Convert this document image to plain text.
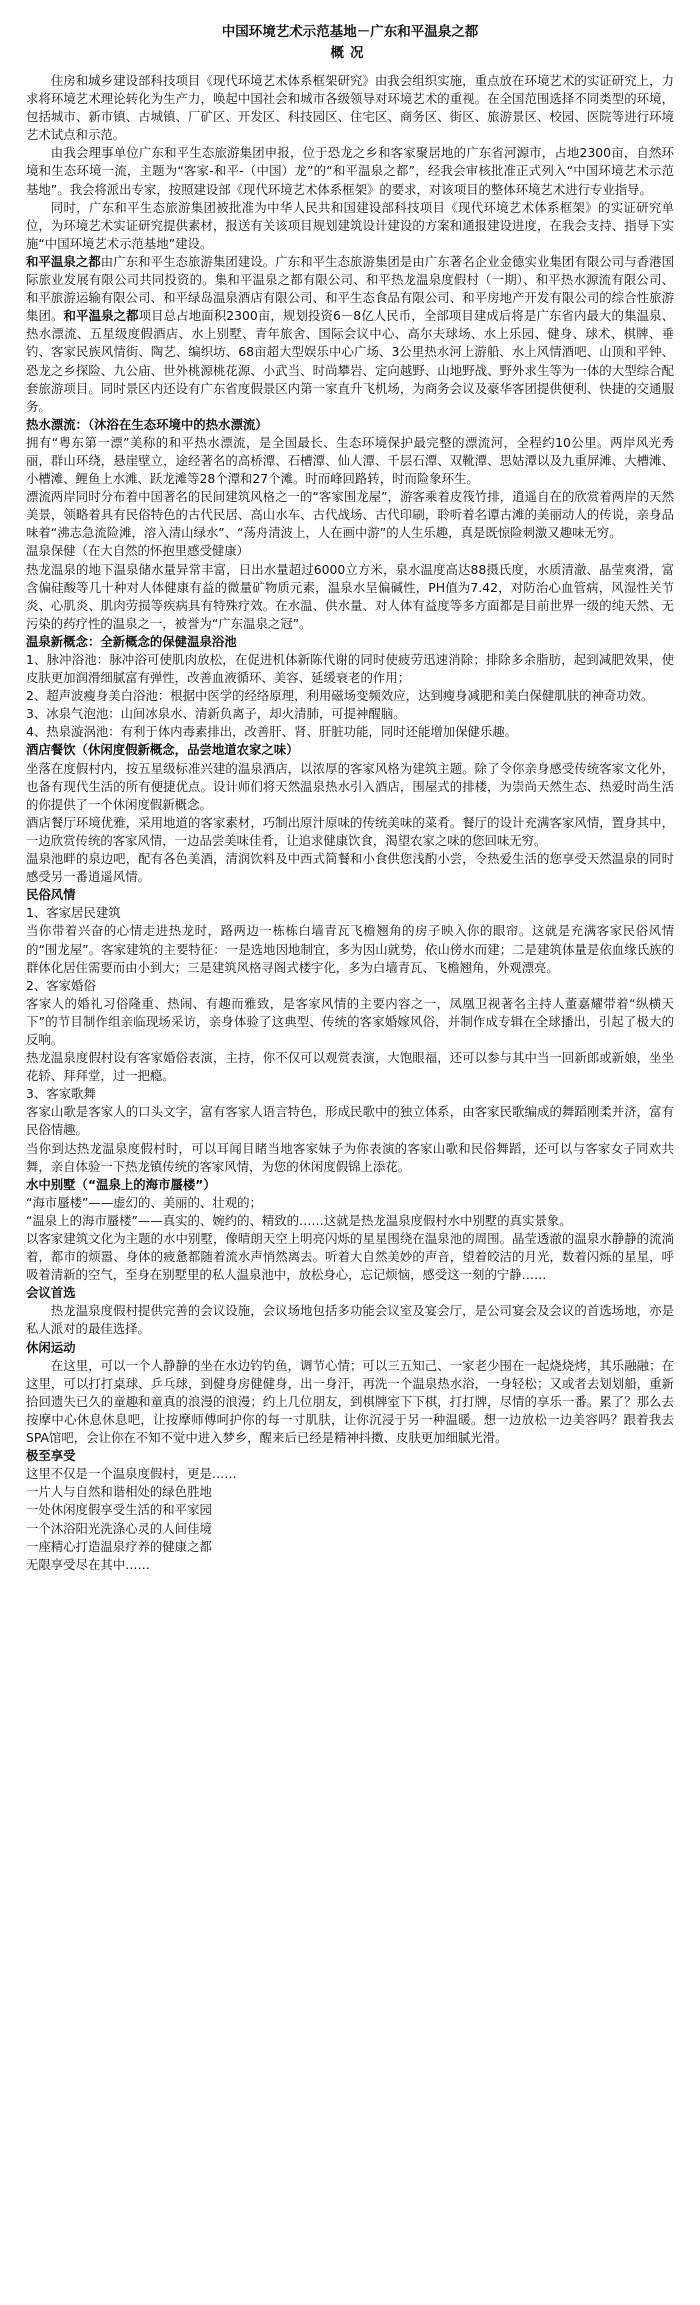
中国环境艺术示范基地－广东和平温泉之都

概况

住房和城乡建设部科技项目《现代环境艺术体系框架研究》由我会组织实施，重点放在环境艺术的实证研究上，力求将环境艺术理论转化为生产力，唤起中国社会和城市各级领导对环境艺术的重视。在全国范围选择不同类型的环境，包括城市、新市镇、古城镇、厂矿区、开发区、科技园区、住宅区、商务区、街区、旅游景区、校园、医院等进行环境艺术试点和示范。

由我会理事单位广东和平生态旅游集团申报，位于恐龙之乡和客家聚居地的广东省河源市，占地2300亩，自然环境和生态环境一流，主题为“客家-和平-（中国）龙”的“和平温泉之都”，经我会审核批准正式列入“中国环境艺术示范基地”。我会将派出专家，按照建设部《现代环境艺术体系框架》的要求，对该项目的整体环境艺术进行专业指导。

同时，广东和平生态旅游集团被批准为中华人民共和国建设部科技项目《现代环境艺术体系框架》的实证研究单位，为环境艺术实证研究提供素材，报送有关该项目规划建筑设计建设的方案和通报建设进度，在我会支持、指导下实施“中国环境艺术示范基地”建设。

和平温泉之都由广东和平生态旅游集团建设。广东和平生态旅游集团是由广东著名企业金德实业集团有限公司与香港国际旅业发展有限公司共同投资的。集和平温泉之都有限公司、和平热龙温泉度假村（一期）、和平热水源流有限公司、和平旅游运输有限公司、和平绿岛温泉酒店有限公司、和平生态食品有限公司、和平房地产开发有限公司的综合性旅游集团。和平温泉之都项目总占地面积2300亩，规划投资6－8亿人民币，全部项目建成后将是广东省内最大的集温泉、热水漂流、五星级度假酒店、水上别墅、青年旅舍、国际会议中心、高尔夫球场、水上乐园、健身、球术、棋牌、垂钓、客家民族风情街、陶艺、编织坊、68亩超大型娱乐中心广场、3公里热水河上游船、水上风情酒吧、山顶和平钟、恐龙之乡探险、九公庙、世外桃源桃花源、小武当、时尚攀岩、定向越野、山地野战、野外求生等为一体的大型综合配套旅游项目。同时景区内还设有广东省度假景区内第一家直升飞机场，为商务会议及豪华客团提供便利、快捷的交通服务。

热水漂流：（沐浴在生态环境中的热水漂流）

拥有“粤东第一漂”美称的和平热水漂流，是全国最长、生态环境保护最完整的漂流河，全程约10公里。两岸风光秀丽，群山环绕，悬崖壁立，途经著名的高桥潭、石槽潭、仙人潭、千层石潭、双靴潭、思姑潭以及九重屏滩、大槽滩、小槽滩、鲤鱼上水滩、跃龙滩等28个潭和27个滩。时而峰回路转，时而险象环生。

漂流两岸同时分布着中国著名的民间建筑风格之一的“客家围龙屋”，游客乘着皮筏竹排，逍遥自在的欣赏着两岸的天然美景，领略着具有民俗特色的古代民居、高山水车、古代战场、古代印刷，聆听着名谭古滩的美丽动人的传说，亲身品味着“沸志急流险滩，溶入清山绿水”、“荡舟清波上，人在画中游”的人生乐趣，真是既惊险刺激又趣味无穷。

温泉保健（在大自然的怀抱里感受健康）

热龙温泉的地下温泉储水量异常丰富，日出水量超过6000立方米，泉水温度高达88摄氏度，水质清澈、晶莹爽滑，富含偏硅酸等几十种对人体健康有益的微量矿物质元素，温泉水呈偏碱性，PH值为7.42，对防治心血管病，风湿性关节炎、心肌炎、肌肉劳损等疾病具有特殊疗效。在水温、供水量、对人体有益度等多方面都是目前世界一级的纯天然、无污染的药疗性的温泉之一，被誉为“广东温泉之冠”。

温泉新概念：全新概念的保健温泉浴池

1、脉冲浴池：脉冲浴可使肌肉放松，在促进机体新陈代谢的同时使疲劳迅速消除；排除多余脂肪，起到减肥效果，使皮肤更加润滑细腻富有弹性，改善血液循环、美容、延缓衰老的作用；

2、超声波瘦身美白浴池：根据中医学的经络原理，利用磁场变频效应，达到瘦身减肥和美白保健肌肤的神奇功效。

3、冰泉气泡池：山间冰泉水、清新负离子，却火清肺，可提神醒脑。

4、热泉漩涡池：有利于体内毒素排出，改善肝、肾、肝脏功能，同时还能增加保健乐趣。

酒店餐饮（休闲度假新概念，品尝地道农家之味）

坐落在度假村内，按五星级标准兴建的温泉酒店，以浓厚的客家风格为建筑主题。除了令你亲身感受传统客家文化外，也备有现代生活的所有便捷优点。设计师们将天然温泉热水引入酒店，围屋式的排楼，为崇尚天然生态、热爱时尚生活的你提供了一个休闲度假新概念。

酒店餐厅环境优雅，采用地道的客家素材，巧制出原汁原味的传统美味的菜肴。餐厅的设计充满客家风情，置身其中，一边欣赏传统的客家风情，一边品尝美味佳肴，让追求健康饮食，渴望农家之味的您回味无穷。

温泉池畔的泉边吧，配有各色美酒，清润饮料及中西式简餐和小食供您浅酌小尝，令热爱生活的您享受天然温泉的同时感受另一番逍遥风情。

民俗风情

1、客家居民建筑

当你带着兴奋的心情走进热龙时，路两边一栋栋白墙青瓦飞檐翘角的房子映入你的眼帘。这就是充满客家民俗风情的“围龙屋”。客家建筑的主要特征：一是选地因地制宜，多为因山就势，依山傍水而建；二是建筑体量是依血缘氏族的群体化居住需要而由小到大；三是建筑风格寻阁式楼宇化，多为白墙青瓦、飞檐翘角，外观漂亮。

2、客家婚俗

客家人的婚礼习俗隆重、热闹、有趣而雅致，是客家风情的主要内容之一，凤凰卫视著名主持人董嘉耀带着“纵横天下”的节目制作组亲临现场采访，亲身体验了这典型、传统的客家婚嫁风俗，并制作成专辑在全球播出，引起了极大的反响。

热龙温泉度假村设有客家婚俗表演，主持，你不仅可以观赏表演，大饱眼福，还可以参与其中当一回新郎或新娘，坐坐花轿、拜拜堂，过一把瘾。

3、客家歌舞

客家山歌是客家人的口头文字，富有客家人语言特色，形成民歌中的独立体系，由客家民歌编成的舞蹈刚柔并济，富有民俗情趣。

当你到达热龙温泉度假村时，可以耳闻目睹当地客家妹子为你表演的客家山歌和民俗舞蹈，还可以与客家女子同欢共舞，亲自体验一下热龙镇传统的客家风情，为您的休闲度假锦上添花。

水中别墅（“温泉上的海市蜃楼”）

“海市蜃楼”——虚幻的、美丽的、壮观的；

“温泉上的海市蜃楼”——真实的、婉约的、精致的……这就是热龙温泉度假村水中别墅的真实景象。

以客家建筑文化为主题的水中别墅，像晴朗天空上明亮闪烁的星星围绕在温泉池的周围。晶莹透澈的温泉水静静的流淌着，都市的烦嚣、身体的疲惫都随着流水声悄然离去。听着大自然美妙的声音，望着皎洁的月光，数着闪烁的星星，呼吸着清新的空气，至身在别墅里的私人温泉池中，放松身心，忘记烦恼，感受这一刻的宁静……

会议首选

热龙温泉度假村提供完善的会议设施，会议场地包括多功能会议室及宴会厅，是公司宴会及会议的首选场地，亦是私人派对的最佳选择。

休闲运动

在这里，可以一个人静静的坐在水边钓钓鱼，调节心情；可以三五知己、一家老少围在一起烧烧烤，其乐融融；在这里，可以打打桌球、乒乓球，到健身房健健身，出一身汗，再洗一个温泉热水浴，一身轻松；又或者去划划船，重新拾回遗失已久的童趣和童真的浪漫的浪漫；约上几位朋友，到棋牌室下下棋，打打牌，尽情的享乐一番。累了？那么去按摩中心休息休息吧，让按摩师傅呵护你的每一寸肌肤，让你沉浸于另一种温暖。想一边放松一边美容吗？跟着我去SPA馆吧，会让你在不知不觉中进入梦乡，醒来后已经是精神抖擞、皮肤更加细腻光滑。

极至享受

这里不仅是一个温泉度假村，更是……

一片人与自然和谐相处的绿色胜地

一处休闲度假享受生活的和平家园

一个沐浴阳光洗涤心灵的人间佳境

一座精心打造温泉疗养的健康之都

无限享受尽在其中……
